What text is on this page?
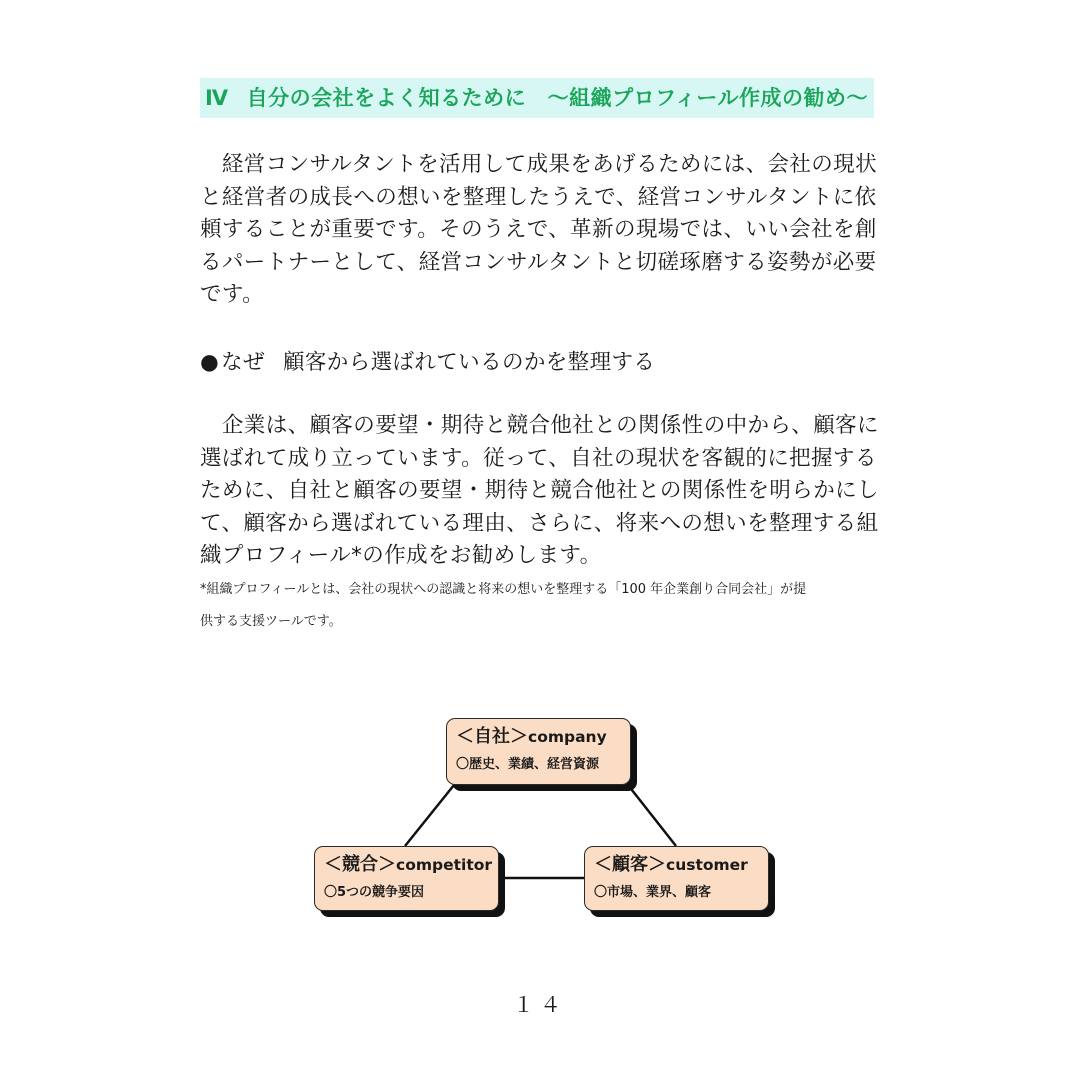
Ⅳ 自分の会社をよく知るために　～組織プロフィール作成の勧め～
　経営コンサルタントを活用して成果をあげるためには、会社の現状
と経営者の成長への想いを整理したうえで、経営コンサルタントに依
頼することが重要です。そのうえで、革新の現場では、いい会社を創
るパートナーとして、経営コンサルタントと切磋琢磨する姿勢が必要
です。
●なぜ 顧客から選ばれているのかを整理する
　企業は、顧客の要望・期待と競合他社との関係性の中から、顧客に
選ばれて成り立っています。従って、自社の現状を客観的に把握する
ために、自社と顧客の要望・期待と競合他社との関係性を明らかにし
て、顧客から選ばれている理由、さらに、将来への想いを整理する組
織プロフィール*の作成をお勧めします。
*組織プロフィールとは、会社の現状への認識と将来の想いを整理する「100 年企業創り合同会社」が提
供する支援ツールです。
＜自社＞company
〇歴史、業績、経営資源
＜競合＞competitor
〇5つの競争要因
＜顧客＞customer
〇市場、業界、顧客
１４
